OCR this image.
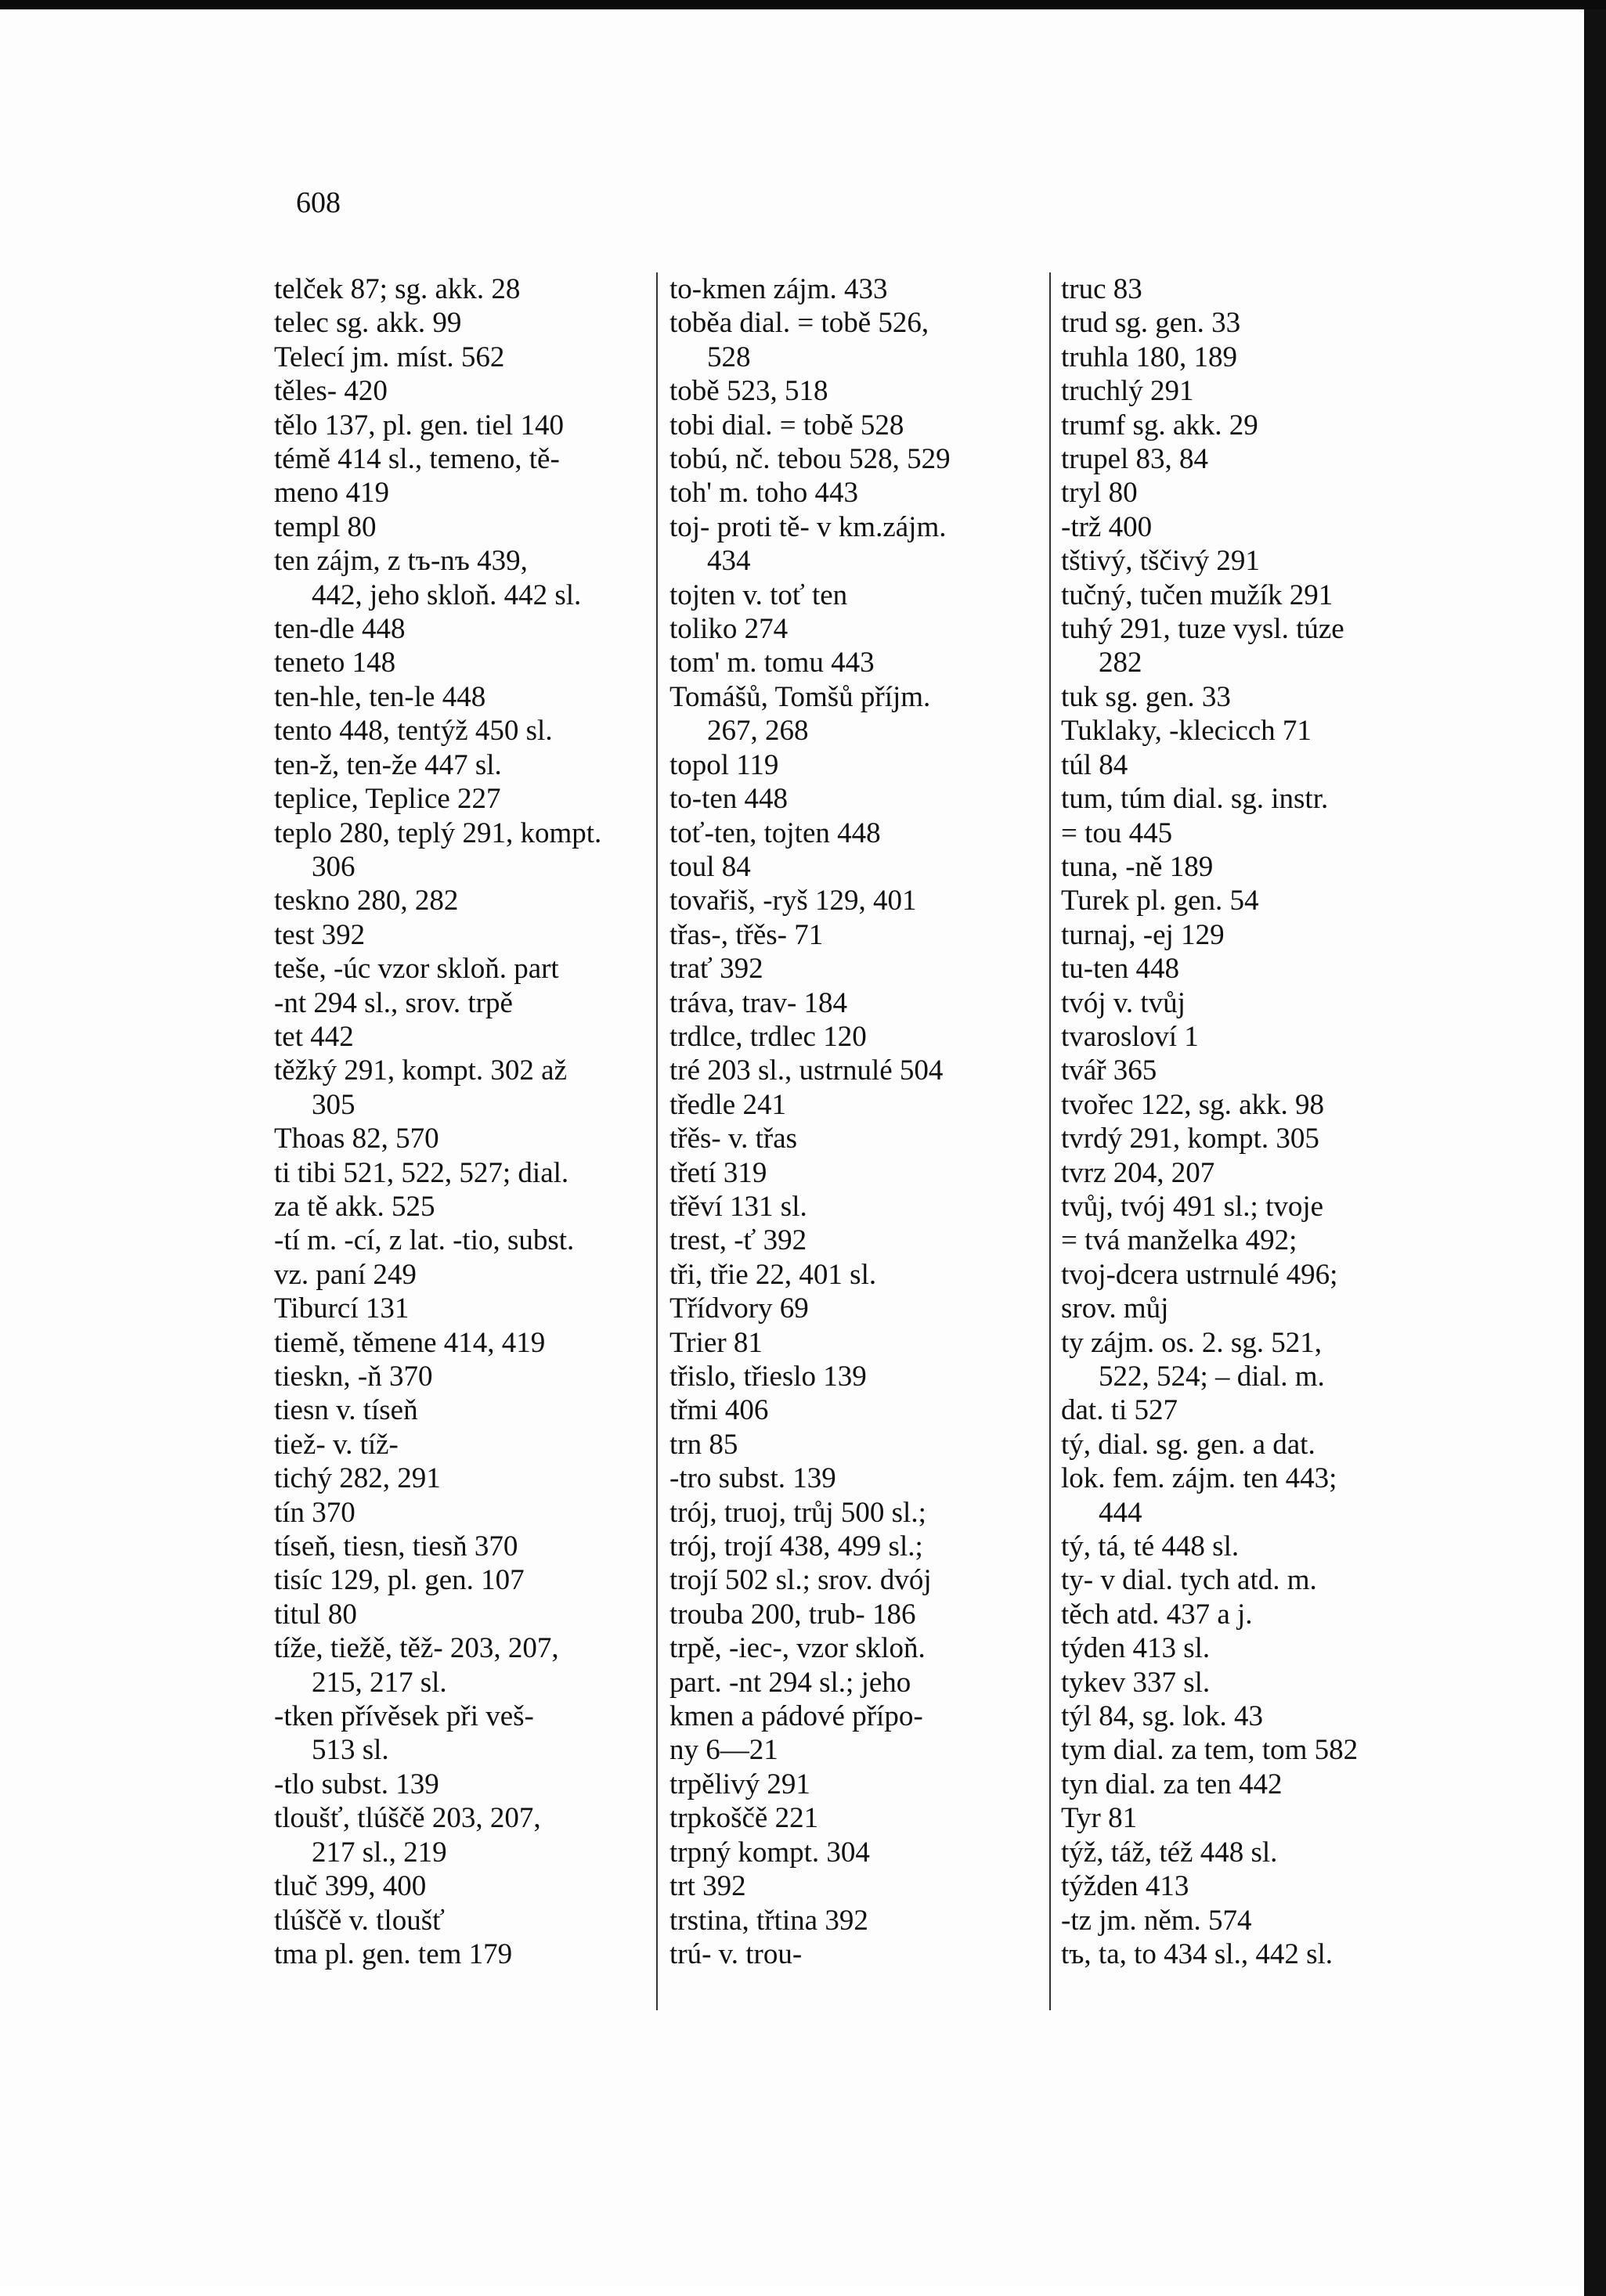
608
telček 87; sg. akk. 28
telec sg. akk. 99
Telecí jm. míst. 562
těles- 420
tělo 137, pl. gen. tiel 140
témě 414 sl., temeno, tě-
meno 419
templ 80
ten zájm, z tъ-nъ 439,
442, jeho skloň. 442 sl.
ten-dle 448
teneto 148
ten-hle, ten-le 448
tento 448, tentýž 450 sl.
ten-ž, ten-že 447 sl.
teplice, Teplice 227
teplo 280, teplý 291, kompt.
306
teskno 280, 282
test 392
teše, -úc vzor skloň. part
-nt 294 sl., srov. trpě
tet 442
těžký 291, kompt. 302 až
305
Thoas 82, 570
ti tibi 521, 522, 527; dial.
za tě akk. 525
-tí m. -cí, z lat. -tio, subst.
vz. paní 249
Tiburcí 131
tiemě, těmene 414, 419
tieskn, -ň 370
tiesn v. tíseň
tiež- v. tíž-
tichý 282, 291
tín 370
tíseň, tiesn, tiesň 370
tisíc 129, pl. gen. 107
titul 80
tíže, tiežě, těž- 203, 207,
215, 217 sl.
-tken přívěsek při veš-
513 sl.
-tlo subst. 139
tloušť, tlúščě 203, 207,
217 sl., 219
tluč 399, 400
tlúščě v. tloušť
tma pl. gen. tem 179
to-kmen zájm. 433
toběa dial. = tobě 526,
528
tobě 523, 518
tobi dial. = tobě 528
tobú, nč. tebou 528, 529
toh' m. toho 443
toj- proti tě- v km.zájm.
434
tojten v. toť ten
toliko 274
tom' m. tomu 443
Tomášů, Tomšů příjm.
267, 268
topol 119
to-ten 448
toť-ten, tojten 448
toul 84
tovařiš, -ryš 129, 401
třas-, třěs- 71
trať 392
tráva, trav- 184
trdlce, trdlec 120
tré 203 sl., ustrnulé 504
tředle 241
třěs- v. třas
třetí 319
třěví 131 sl.
trest, -ť 392
tři, třie 22, 401 sl.
Třídvory 69
Trier 81
třislo, třieslo 139
třmi 406
trn 85
-tro subst. 139
trój, truoj, trůj 500 sl.;
trój, trojí 438, 499 sl.;
trojí 502 sl.; srov. dvój
trouba 200, trub- 186
trpě, -iec-, vzor skloň.
part. -nt 294 sl.; jeho
kmen a pádové přípo-
ny 6—21
trpělivý 291
trpkoščě 221
trpný kompt. 304
trt 392
trstina, třtina 392
trú- v. trou-
truc 83
trud sg. gen. 33
truhla 180, 189
truchlý 291
trumf sg. akk. 29
trupel 83, 84
tryl 80
-trž 400
tštivý, tščivý 291
tučný, tučen mužík 291
tuhý 291, tuze vysl. túze
282
tuk sg. gen. 33
Tuklaky, -klecicch 71
túl 84
tum, túm dial. sg. instr.
= tou 445
tuna, -ně 189
Turek pl. gen. 54
turnaj, -ej 129
tu-ten 448
tvój v. tvůj
tvarosloví 1
tvář 365
tvořec 122, sg. akk. 98
tvrdý 291, kompt. 305
tvrz 204, 207
tvůj, tvój 491 sl.; tvoje
= tvá manželka 492;
tvoj-dcera ustrnulé 496;
srov. můj
ty zájm. os. 2. sg. 521,
522, 524; – dial. m.
dat. ti 527
tý, dial. sg. gen. a dat.
lok. fem. zájm. ten 443;
444
tý, tá, té 448 sl.
ty- v dial. tych atd. m.
těch atd. 437 a j.
týden 413 sl.
tykev 337 sl.
týl 84, sg. lok. 43
tym dial. za tem, tom 582
tyn dial. za ten 442
Tyr 81
týž, táž, též 448 sl.
týžden 413
-tz jm. něm. 574
tъ, ta, to 434 sl., 442 sl.
